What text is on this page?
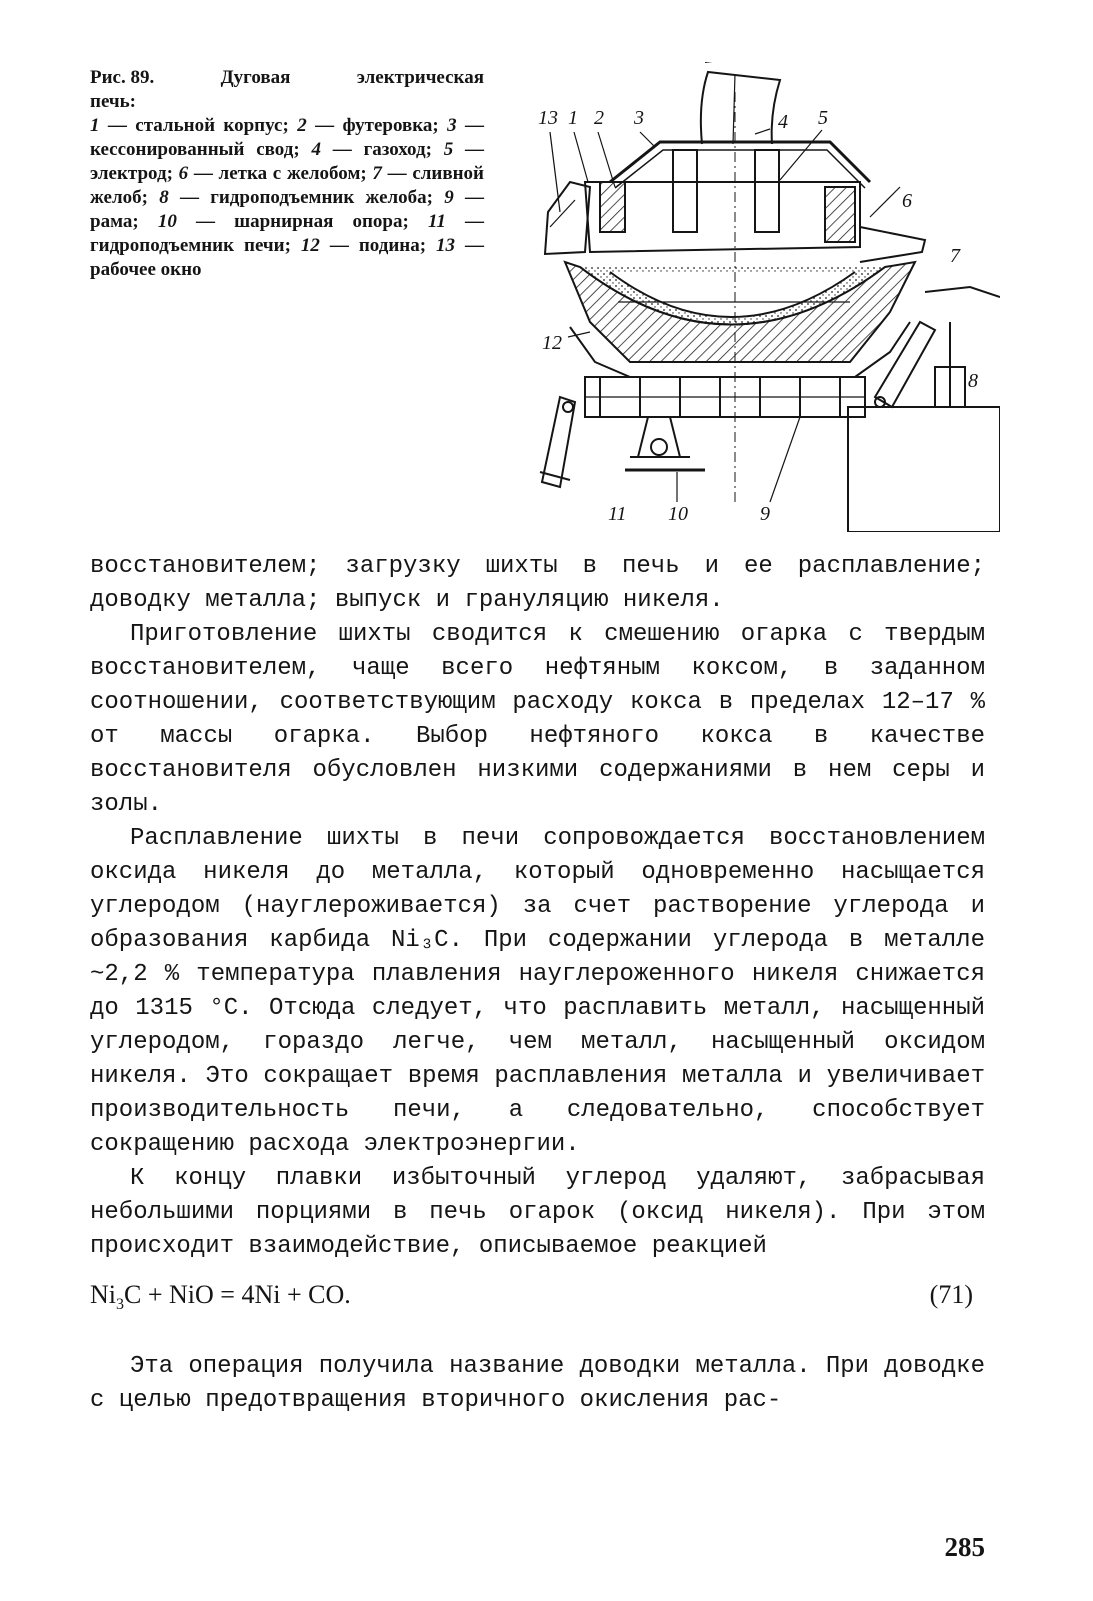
Рис. 89.	Дуговая	электрическая
печь:
1 — стальной корпус; 2 — футеровка; 3 — кессонированный свод; 4 — газоход; 5 — электрод; 6 — летка с желобом; 7 — сливной желоб; 8 — гидроподъемник желоба; 9 — рама; 10 — шарнирная опора; 11 — гидроподъемник печи; 12 — подина; 13 — рабочее окно
13 1 2 3	4 5
6
7
8
12
11 10	9

восстановителем; загрузку шихты в печь и ее расплавление; доводку металла; выпуск и грануляцию никеля.

Приготовление шихты сводится к смешению огарка с твердым восстановителем, чаще всего нефтяным коксом, в заданном соотношении, соответствующим расходу кокса в пределах 12–17 % от массы огарка. Выбор нефтяного кокса в качестве восстановителя обусловлен низкими содержаниями в нем серы и золы.

Расплавление шихты в печи сопровождается восстановлением оксида никеля до металла, который одновременно насыщается углеродом (науглероживается) за счет растворение углерода и образования карбида Ni₃C. При содержании углерода в металле ~2,2 % температура плавления науглероженного никеля снижается до 1315 °С. Отсюда следует, что расплавить металл, насыщенный углеродом, гораздо легче, чем металл, насыщенный оксидом никеля. Это сокращает время расплавления металла и увеличивает производительность печи, а следовательно, способствует сокращению расхода электроэнергии.

К концу плавки избыточный углерод удаляют, забрасывая небольшими порциями в печь огарок (оксид никеля). При этом происходит взаимодействие, описываемое реакцией

$Ni_3C$ + NiO = 4Ni + CO.	(71)

Эта операция получила название доводки металла. При доводке с целью предотвращения вторичного окисления рас-

285
